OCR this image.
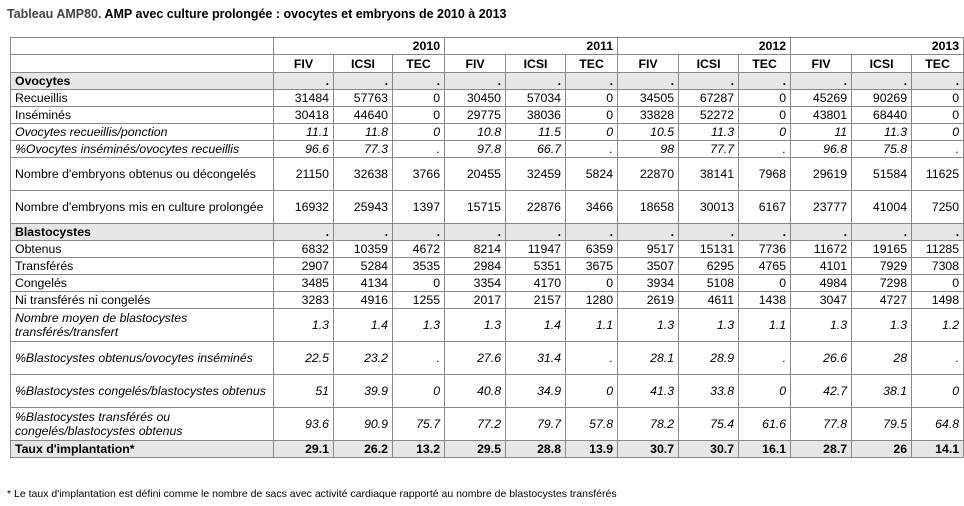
Tableau AMP80. AMP avec culture prolongée : ovocytes et embryons de 2010 à 2013
	2010			2011			2012			2013		
	FIV	ICSI	TEC	FIV	ICSI	TEC	FIV	ICSI	TEC	FIV	ICSI	TEC
Ovocytes	.	.	.	.	.	.	.	.	.	.	.	.
Recueillis	31484	57763	0	30450	57034	0	34505	67287	0	45269	90269	0
Inséminés	30418	44640	0	29775	38036	0	33828	52272	0	43801	68440	0
Ovocytes recueillis/ponction	11.1	11.8	0	10.8	11.5	0	10.5	11.3	0	11	11.3	0
%Ovocytes inséminés/ovocytes recueillis	96.6	77.3	.	97.8	66.7	.	98	77.7	.	96.8	75.8	.
Nombre d'embryons obtenus ou décongelés	21150	32638	3766	20455	32459	5824	22870	38141	7968	29619	51584	11625
Nombre d'embryons mis en culture prolongée	16932	25943	1397	15715	22876	3466	18658	30013	6167	23777	41004	7250
Blastocystes	.	.	.	.	.	.	.	.	.	.	.	.
Obtenus	6832	10359	4672	8214	11947	6359	9517	15131	7736	11672	19165	11285
Transférés	2907	5284	3535	2984	5351	3675	3507	6295	4765	4101	7929	7308
Congelés	3485	4134	0	3354	4170	0	3934	5108	0	4984	7298	0
Ni transférés ni congelés	3283	4916	1255	2017	2157	1280	2619	4611	1438	3047	4727	1498
Nombre moyen de blastocystes transférés/transfert	1.3	1.4	1.3	1.3	1.4	1.1	1.3	1.3	1.1	1.3	1.3	1.2
%Blastocystes obtenus/ovocytes inséminés	22.5	23.2	.	27.6	31.4	.	28.1	28.9	.	26.6	28	.
%Blastocystes congelés/blastocystes obtenus	51	39.9	0	40.8	34.9	0	41.3	33.8	0	42.7	38.1	0
%Blastocystes transférés ou congelés/blastocystes obtenus	93.6	90.9	75.7	77.2	79.7	57.8	78.2	75.4	61.6	77.8	79.5	64.8
Taux d'implantation*	29.1	26.2	13.2	29.5	28.8	13.9	30.7	30.7	16.1	28.7	26	14.1
* Le taux d'implantation est défini comme le nombre de sacs avec activité cardiaque rapporté au nombre de blastocystes transférés
